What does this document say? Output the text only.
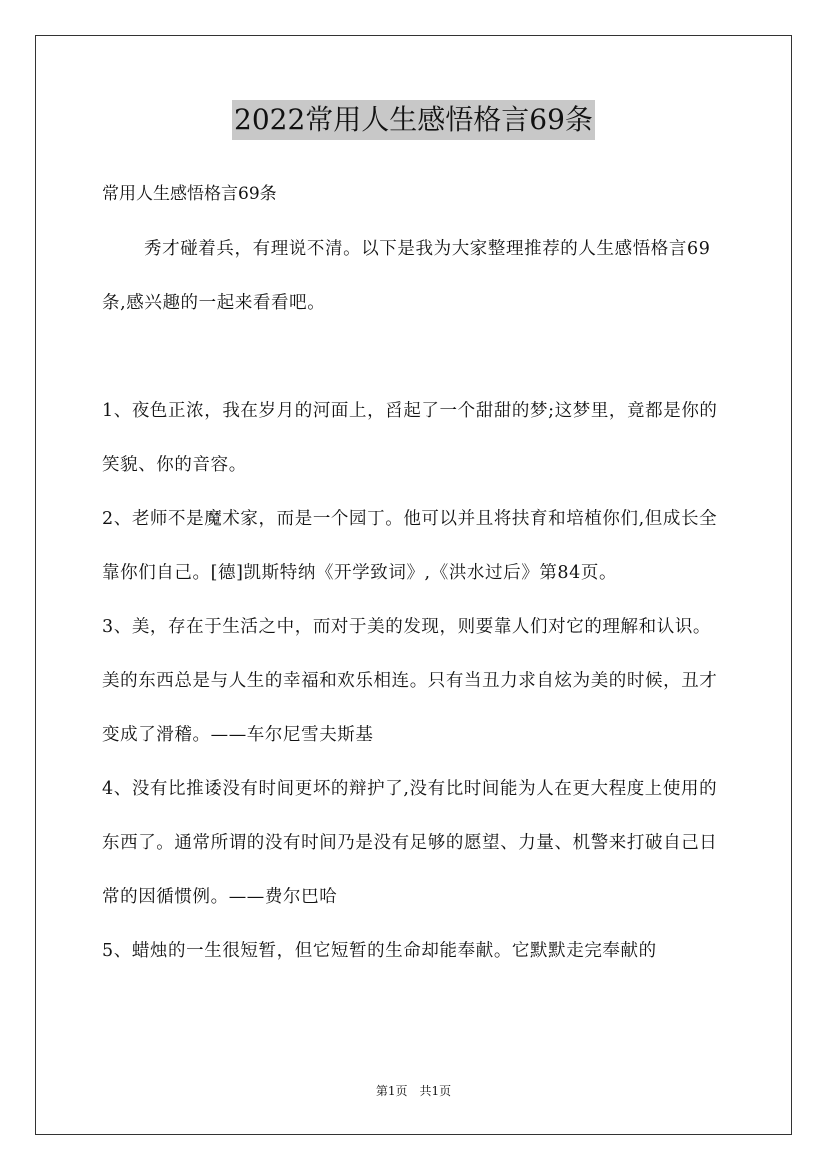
2022常用人生感悟格言69条
常用人生感悟格言69条
秀才碰着兵，有理说不清。以下是我为大家整理推荐的人生感悟格言69条,感兴趣的一起来看看吧。

1、夜色正浓，我在岁月的河面上，舀起了一个甜甜的梦;这梦里，竟都是你的笑貌、你的音容。

2、老师不是魔术家，而是一个园丁。他可以并且将扶育和培植你们,但成长全靠你们自己。[德]凯斯特纳《开学致词》,《洪水过后》第84页。

3、美，存在于生活之中，而对于美的发现，则要靠人们对它的理解和认识。美的东西总是与人生的幸福和欢乐相连。只有当丑力求自炫为美的时候，丑才变成了滑稽。——车尔尼雪夫斯基

4、没有比推诿没有时间更坏的辩护了,没有比时间能为人在更大程度上使用的东西了。通常所谓的没有时间乃是没有足够的愿望、力量、机警来打破自己日常的因循惯例。——费尔巴哈

5、蜡烛的一生很短暂，但它短暂的生命却能奉献。它默默走完奉献的

第1页　共1页
